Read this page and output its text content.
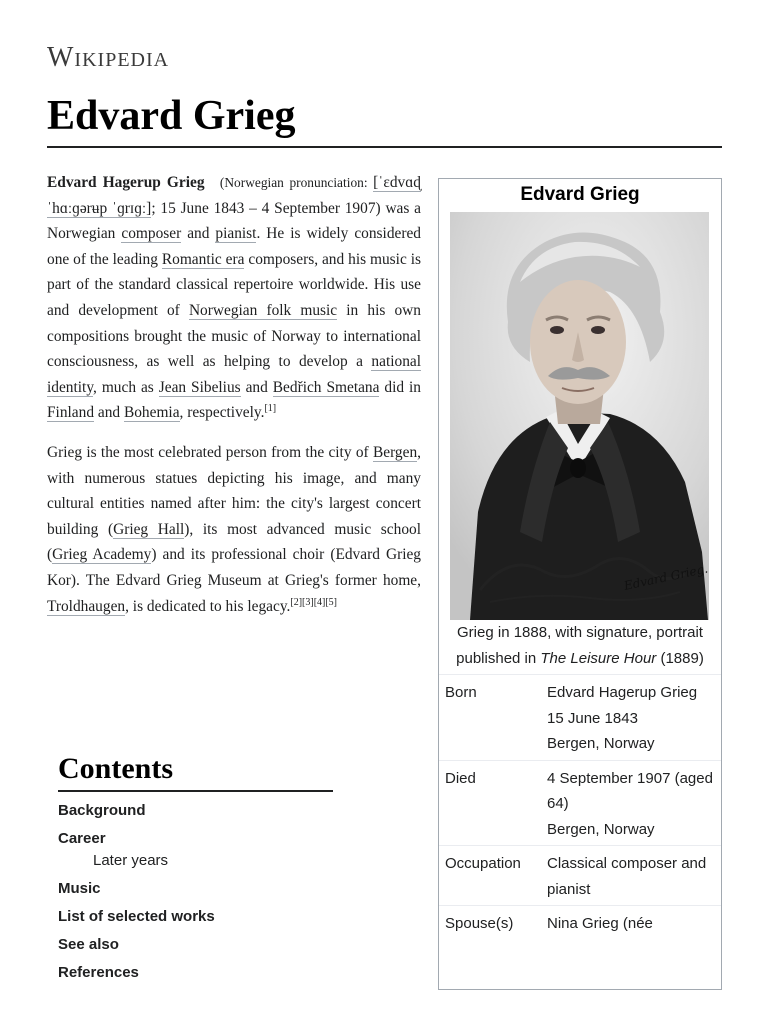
Wikipedia
Edvard Grieg

Edvard Hagerup Grieg  (Norwegian pronunciation: [ˈɛdvɑɖ ˈhɑːɡərʉp ˈɡrɪɡː]; 15 June 1843 – 4 September 1907) was a Norwegian composer and pianist. He is widely considered one of the leading Romantic era composers, and his music is part of the standard classical repertoire worldwide. His use and development of Norwegian folk music in his own compositions brought the music of Norway to international consciousness, as well as helping to develop a national identity, much as Jean Sibelius and Bedřich Smetana did in Finland and Bohemia, respectively.[1]

Grieg is the most celebrated person from the city of Bergen, with numerous statues depicting his image, and many cultural entities named after him: the city's largest concert building (Grieg Hall), its most advanced music school (Grieg Academy) and its professional choir (Edvard Grieg Kor). The Edvard Grieg Museum at Grieg's former home, Troldhaugen, is dedicated to his legacy.[2][3][4][5]

Contents
Background
Career
Later years
Music
List of selected works
See also
References
Edvard Grieg
Edvard Grieg.
Grieg in 1888, with signature, portrait published in The Leisure Hour (1889)
Born	Edvard Hagerup Grieg
15 June 1843
Bergen, Norway

Died	4 September 1907 (aged 64)
Bergen, Norway

Occupation	Classical composer and pianist

Spouse(s)	Nina Grieg (née
